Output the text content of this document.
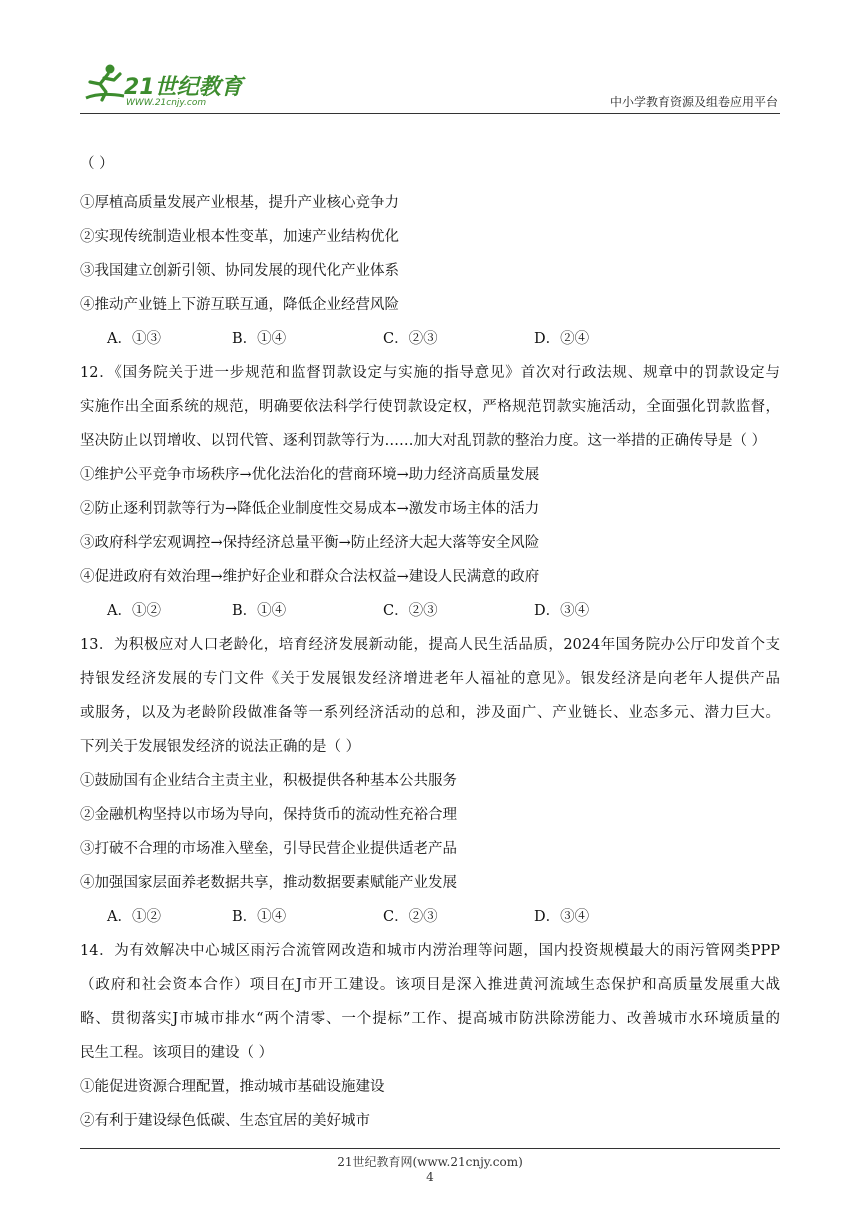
21世纪教育
WWW.21cnjy.com	中小学教育资源及组卷应用平台
（ ）
①厚植高质量发展产业根基，提升产业核心竞争力
②实现传统制造业根本性变革，加速产业结构优化
③我国建立创新引领、协同发展的现代化产业体系
④推动产业链上下游互联互通，降低企业经营风险
A．①③	B．①④	C．②③	D．②④
12．《国务院关于进一步规范和监督罚款设定与实施的指导意见》首次对行政法规、规章中的罚款设定与
实施作出全面系统的规范，明确要依法科学行使罚款设定权，严格规范罚款实施活动，全面强化罚款监督，
坚决防止以罚增收、以罚代管、逐利罚款等行为……加大对乱罚款的整治力度。这一举措的正确传导是（ ）
①维护公平竞争市场秩序→优化法治化的营商环境→助力经济高质量发展
②防止逐利罚款等行为→降低企业制度性交易成本→激发市场主体的活力
③政府科学宏观调控→保持经济总量平衡→防止经济大起大落等安全风险
④促进政府有效治理→维护好企业和群众合法权益→建设人民满意的政府
A．①②	B．①④	C．②③	D．③④
13．为积极应对人口老龄化，培育经济发展新动能，提高人民生活品质，2024年国务院办公厅印发首个支
持银发经济发展的专门文件《关于发展银发经济增进老年人福祉的意见》。银发经济是向老年人提供产品
或服务，以及为老龄阶段做准备等一系列经济活动的总和，涉及面广、产业链长、业态多元、潜力巨大。
下列关于发展银发经济的说法正确的是（ ）
①鼓励国有企业结合主责主业，积极提供各种基本公共服务
②金融机构坚持以市场为导向，保持货币的流动性充裕合理
③打破不合理的市场准入壁垒，引导民营企业提供适老产品
④加强国家层面养老数据共享，推动数据要素赋能产业发展
A．①②	B．①④	C．②③	D．③④
14．为有效解决中心城区雨污合流管网改造和城市内涝治理等问题，国内投资规模最大的雨污管网类PPP
（政府和社会资本合作）项目在J市开工建设。该项目是深入推进黄河流域生态保护和高质量发展重大战
略、贯彻落实J市城市排水“两个清零、一个提标”工作、提高城市防洪除涝能力、改善城市水环境质量的
民生工程。该项目的建设（ ）
①能促进资源合理配置，推动城市基础设施建设
②有利于建设绿色低碳、生态宜居的美好城市
21世纪教育网(www.21cnjy.com)
4
